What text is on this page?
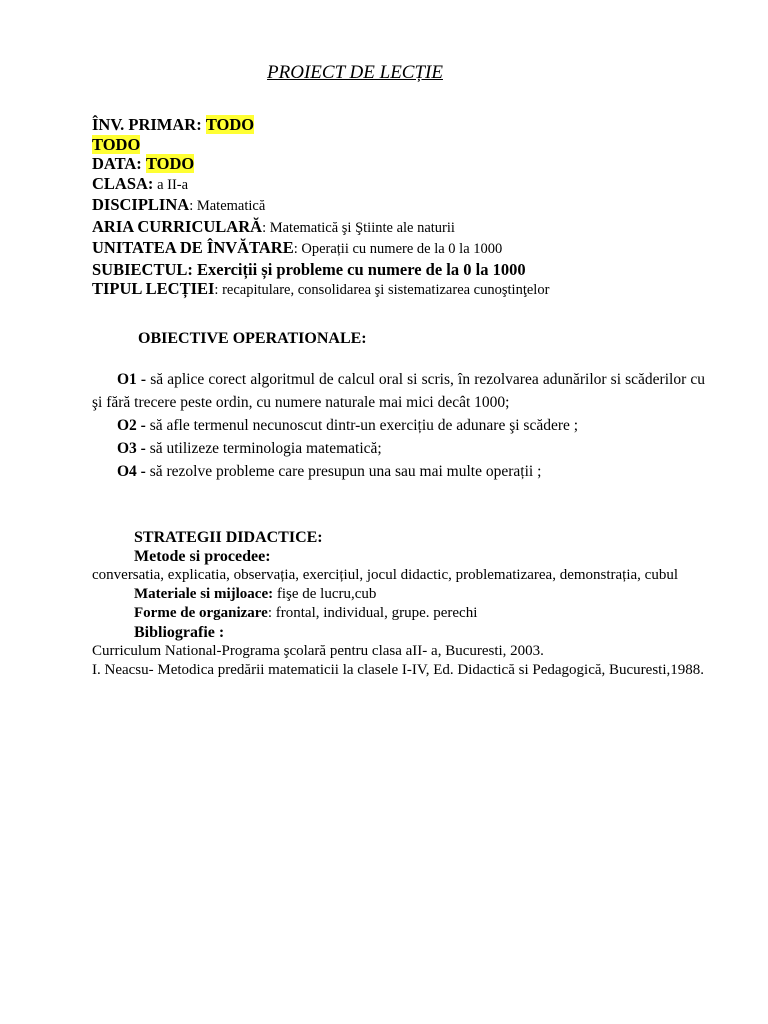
PROIECT DE LECȚIE
ÎNV. PRIMAR: TODO
TODO
DATA: TODO
CLASA: a II-a
DISCIPLINA: Matematică
ARIA CURRICULARĂ: Matematică şi Ştiinte ale naturii
UNITATEA DE ÎNVĂTARE: Operații cu numere de la 0 la 1000
SUBIECTUL: Exerciții și probleme cu numere de la 0 la 1000
TIPUL LECȚIEI: recapitulare, consolidarea şi sistematizarea cunoştinţelor
OBIECTIVE OPERATIONALE:

O1 - să aplice corect algoritmul de calcul oral si scris, în rezolvarea adunărilor si scăderilor cu şi fără trecere peste ordin, cu numere naturale mai mici decât 1000;

O2 - să afle termenul necunoscut dintr-un exercițiu de adunare şi scădere ;

O3 - să utilizeze terminologia matematică;

O4 - să rezolve probleme care presupun una sau mai multe operații ;

STRATEGII DIDACTICE:

Metode si procedee:

conversatia, explicatia, observația, exercițiul, jocul didactic, problematizarea, demonstrația, cubul

Materiale si mijloace: fişe de lucru,cub

Forme de organizare: frontal, individual, grupe. perechi

Bibliografie :

Curriculum National-Programa şcolară pentru clasa aII- a, Bucuresti, 2003.

I. Neacsu- Metodica predării matematicii la clasele I-IV, Ed. Didactică si Pedagogică, Bucuresti,1988.
